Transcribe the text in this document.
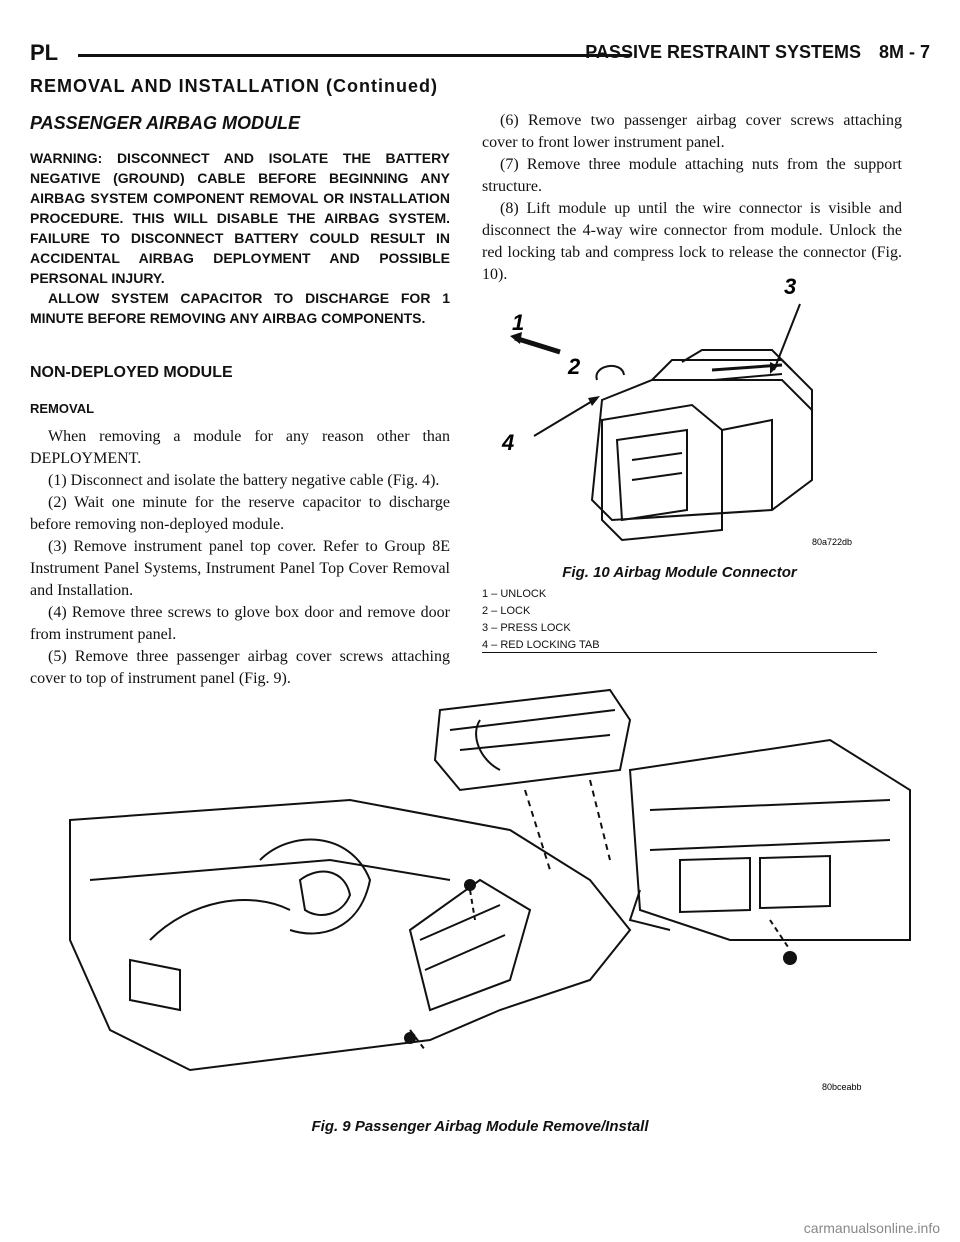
PL	PASSIVE RESTRAINT SYSTEMS 8M - 7
REMOVAL AND INSTALLATION (Continued)
PASSENGER AIRBAG MODULE

WARNING: DISCONNECT AND ISOLATE THE BATTERY NEGATIVE (GROUND) CABLE BEFORE BEGINNING ANY AIRBAG SYSTEM COMPONENT REMOVAL OR INSTALLATION PROCEDURE. THIS WILL DISABLE THE AIRBAG SYSTEM. FAILURE TO DISCONNECT BATTERY COULD RESULT IN ACCIDENTAL AIRBAG DEPLOYMENT AND POSSIBLE PERSONAL INJURY.

ALLOW SYSTEM CAPACITOR TO DISCHARGE FOR 1 MINUTE BEFORE REMOVING ANY AIRBAG COMPONENTS.

NON-DEPLOYED MODULE
REMOVAL

When removing a module for any reason other than DEPLOYMENT.

(1) Disconnect and isolate the battery negative cable (Fig. 4).

(2) Wait one minute for the reserve capacitor to discharge before removing non-deployed module.

(3) Remove instrument panel top cover. Refer to Group 8E Instrument Panel Systems, Instrument Panel Top Cover Removal and Installation.

(4) Remove three screws to glove box door and remove door from instrument panel.

(5) Remove three passenger airbag cover screws attaching cover to top of instrument panel (Fig. 9).

(6) Remove two passenger airbag cover screws attaching cover to front lower instrument panel.

(7) Remove three module attaching nuts from the support structure.

(8) Lift module up until the wire connector is visible and disconnect the 4-way wire connector from module. Unlock the red locking tab and compress lock to release the connector (Fig. 10).

1
2
3
4
80a722db
Fig. 10 Airbag Module Connector
1 – UNLOCK
2 – LOCK
3 – PRESS LOCK
4 – RED LOCKING TAB
80bceabb
Fig. 9 Passenger Airbag Module Remove/Install
carmanualsonline.info
